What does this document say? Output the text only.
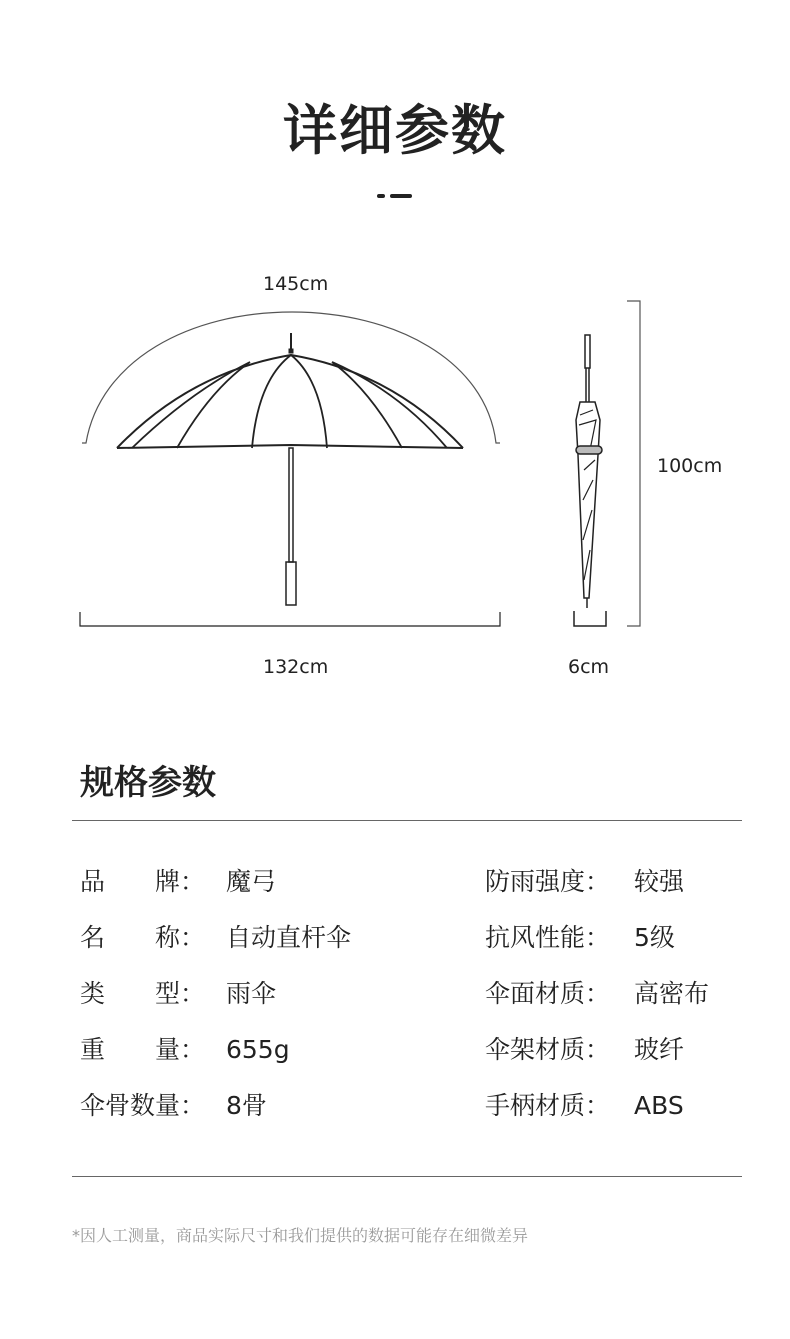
详细参数
145cm
132cm
100cm
6cm
规格参数
品　　牌： 魔弓
名　　称： 自动直杆伞
类　　型： 雨伞
重　　量： 655g
伞骨数量： 8骨
防雨强度： 较强
抗风性能： 5级
伞面材质： 高密布
伞架材质： 玻纤
手柄材质： ABS
*因人工测量，商品实际尺寸和我们提供的数据可能存在细微差异
